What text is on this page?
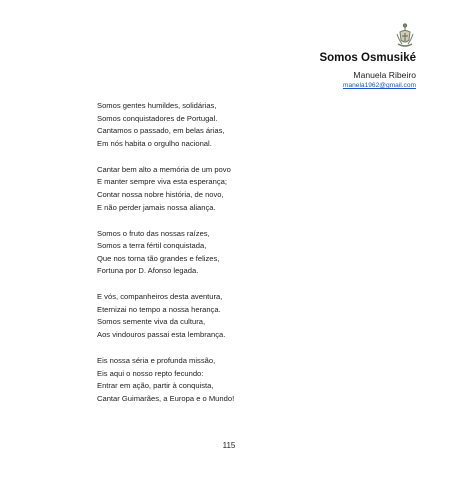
Somos Osmusiké
Manuela Ribeiro
manela1962@gmail.com
Somos gentes humildes, solidárias,
Somos conquistadores de Portugal.
Cantamos o passado, em belas árias,
Em nós habita o orgulho nacional.
Cantar bem alto a memória de um povo
E manter sempre viva esta esperança;
Contar nossa nobre história, de novo,
E não perder jamais nossa aliança.
Somos o fruto das nossas raízes,
Somos a terra fértil conquistada,
Que nos torna tão grandes e felizes,
Fortuna por D. Afonso legada.
E vós, companheiros desta aventura,
Eternizai no tempo a nossa herança.
Somos semente viva da cultura,
Aos vindouros passai esta lembrança.
Eis nossa séria e profunda missão,
Eis aqui o nosso repto fecundo:
Entrar em ação, partir à conquista,
Cantar Guimarães, a Europa e o Mundo!
115
